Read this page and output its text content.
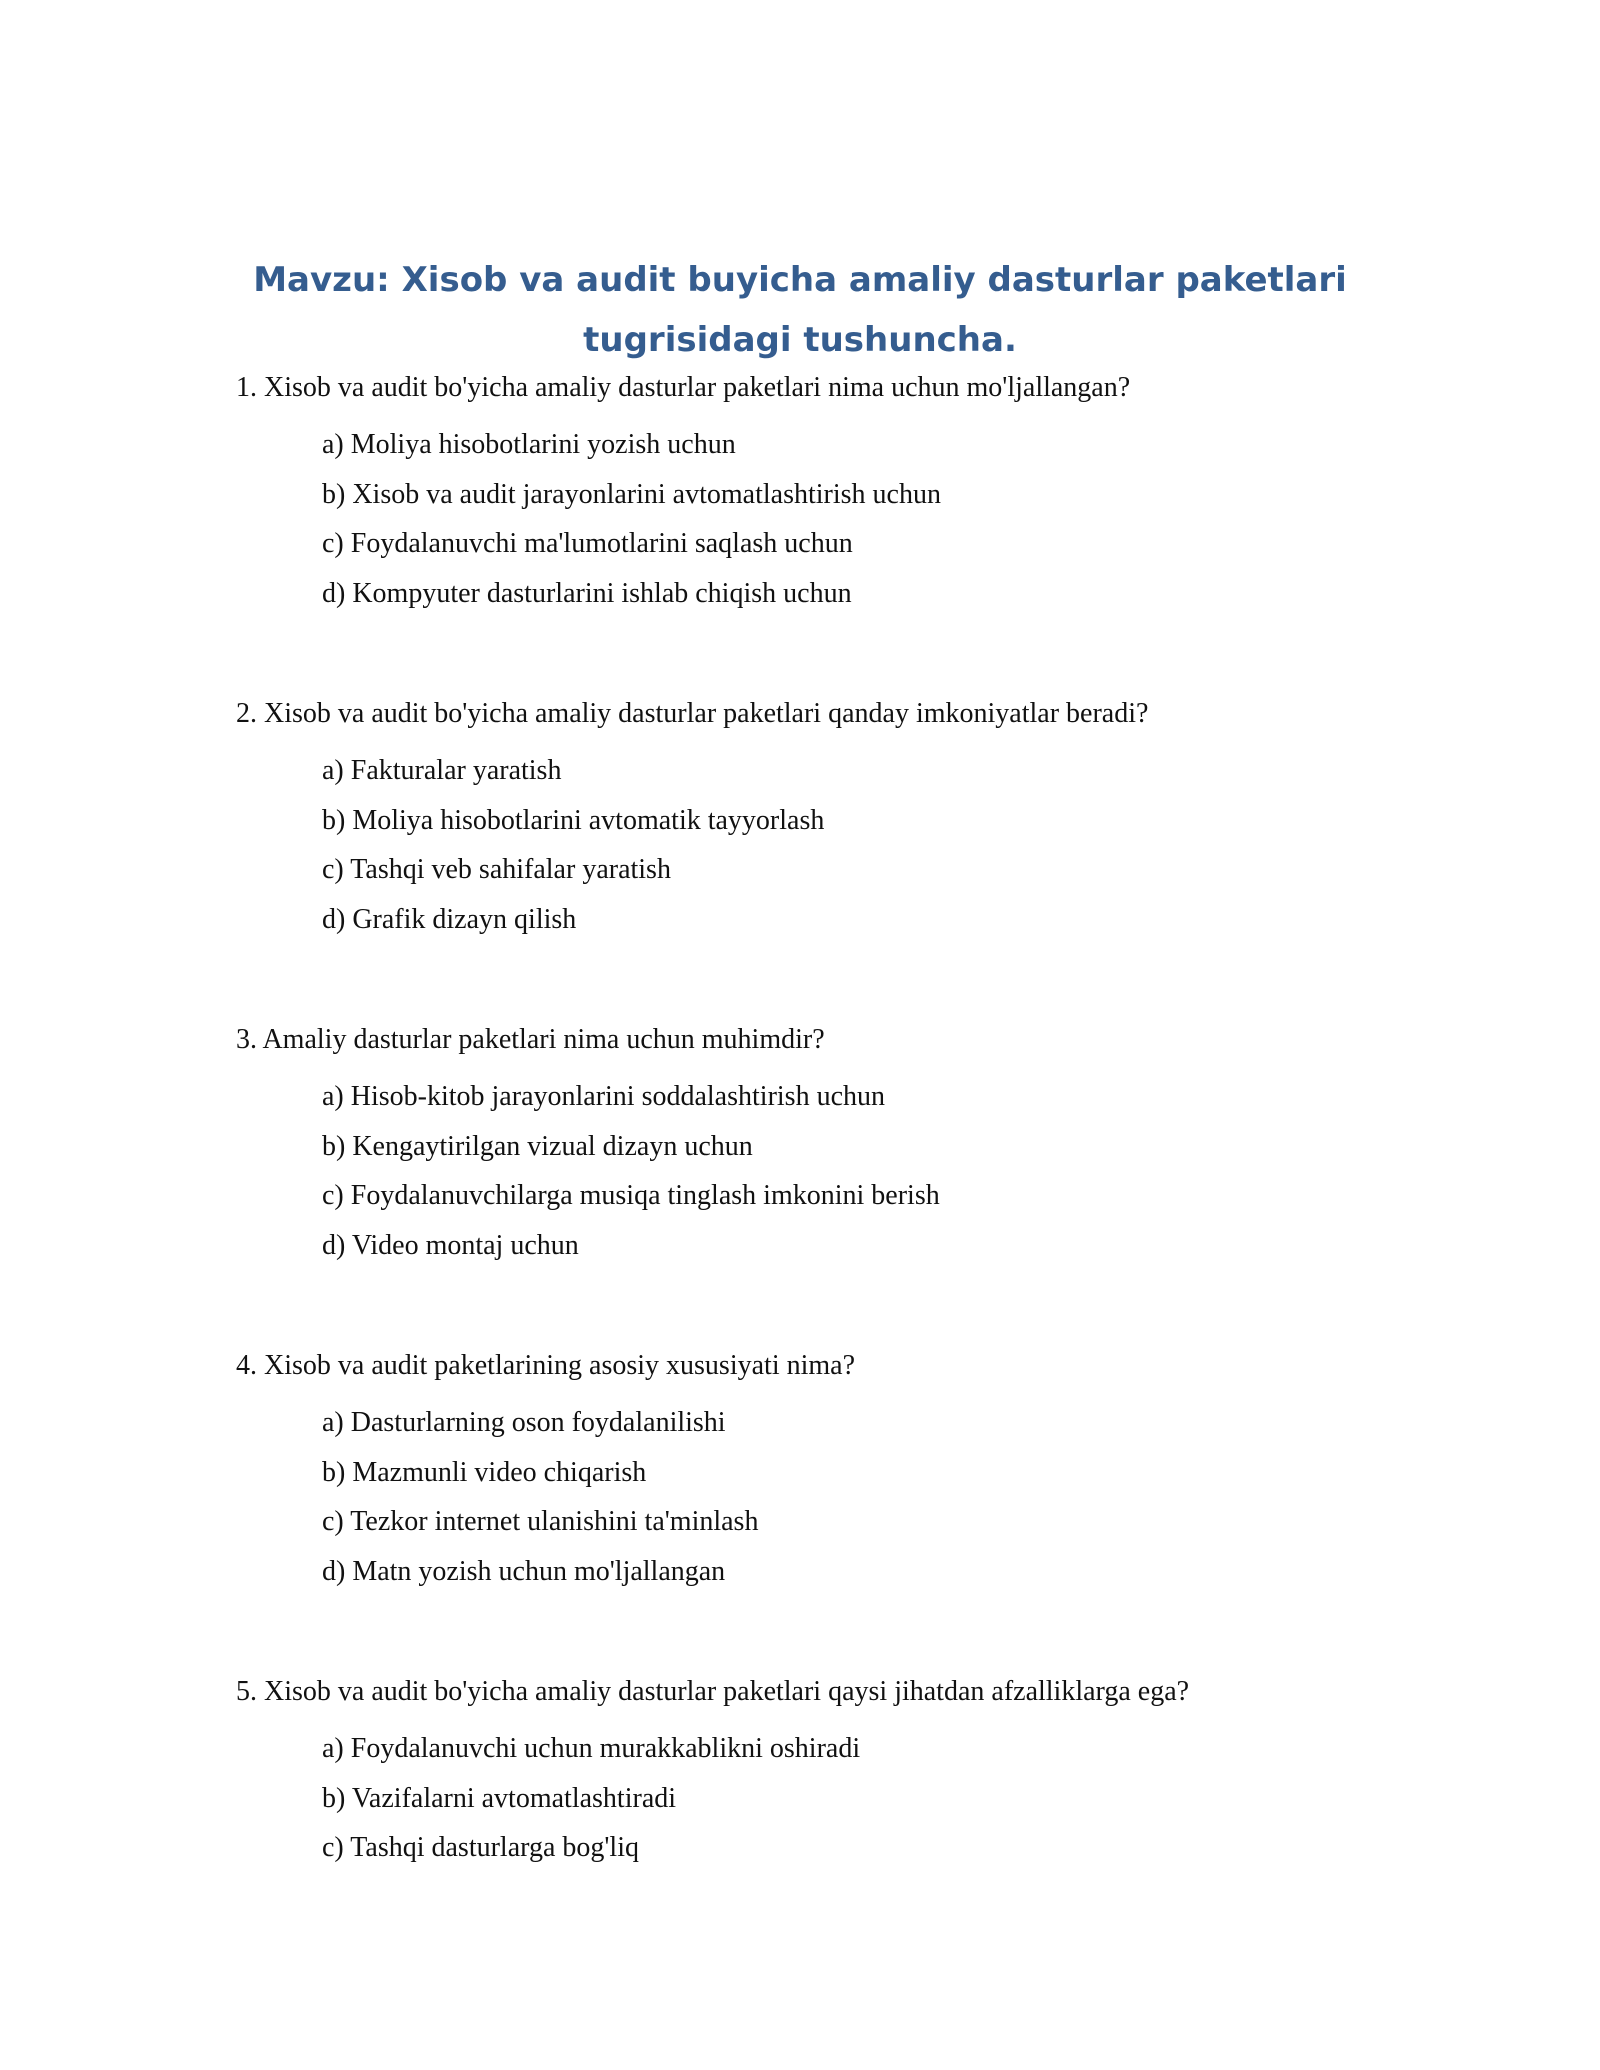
Mavzu: Xisob va audit buyicha amaliy dasturlar paketlari
tugrisidagi tushuncha.

1. Xisob va audit bo'yicha amaliy dasturlar paketlari nima uchun mo'ljallangan?

a) Moliya hisobotlarini yozish uchun
b) Xisob va audit jarayonlarini avtomatlashtirish uchun
c) Foydalanuvchi ma'lumotlarini saqlash uchun
d) Kompyuter dasturlarini ishlab chiqish uchun

2. Xisob va audit bo'yicha amaliy dasturlar paketlari qanday imkoniyatlar beradi?

a) Fakturalar yaratish
b) Moliya hisobotlarini avtomatik tayyorlash
c) Tashqi veb sahifalar yaratish
d) Grafik dizayn qilish

3. Amaliy dasturlar paketlari nima uchun muhimdir?

a) Hisob-kitob jarayonlarini soddalashtirish uchun
b) Kengaytirilgan vizual dizayn uchun
c) Foydalanuvchilarga musiqa tinglash imkonini berish
d) Video montaj uchun

4. Xisob va audit paketlarining asosiy xususiyati nima?

a) Dasturlarning oson foydalanilishi
b) Mazmunli video chiqarish
c) Tezkor internet ulanishini ta'minlash
d) Matn yozish uchun mo'ljallangan

5. Xisob va audit bo'yicha amaliy dasturlar paketlari qaysi jihatdan afzalliklarga ega?

a) Foydalanuvchi uchun murakkablikni oshiradi
b) Vazifalarni avtomatlashtiradi
c) Tashqi dasturlarga bog'liq
